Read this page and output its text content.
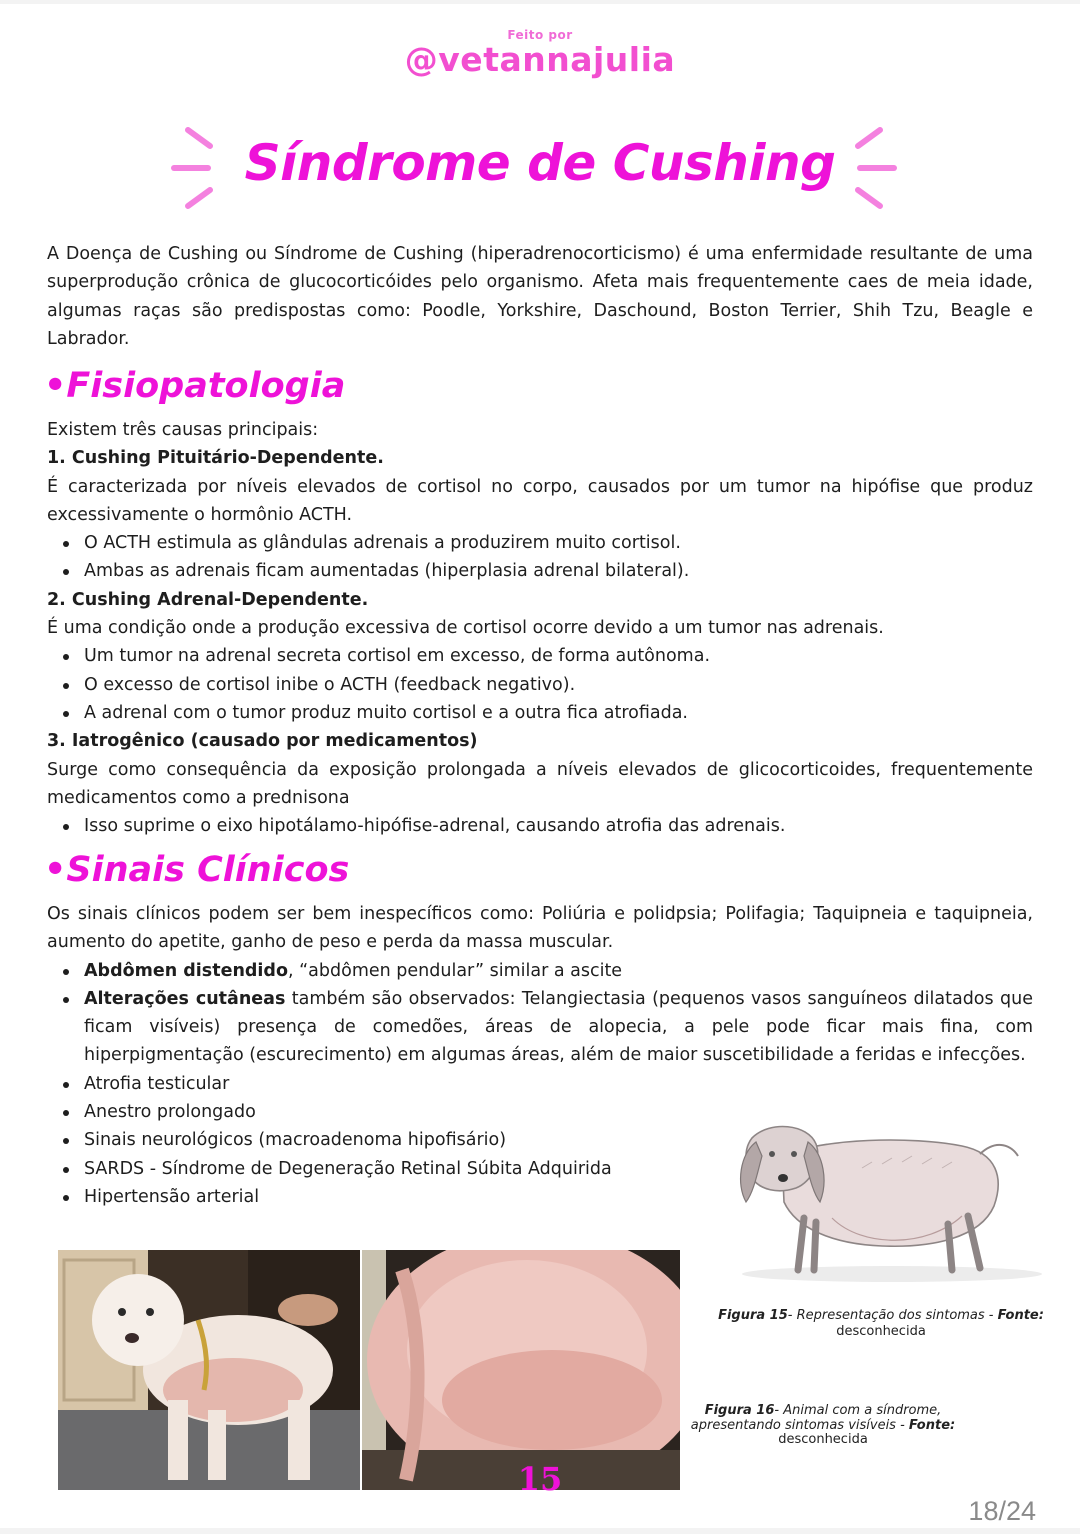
Feito por
@vetannajulia
Síndrome de Cushing

A Doença de Cushing ou Síndrome de Cushing (hiperadrenocorticismo) é uma enfermidade resultante de uma superprodução crônica de glucocorticóides pelo organismo. Afeta mais frequentemente caes de meia idade, algumas raças são predispostas como: Poodle, Yorkshire, Daschound, Boston Terrier, Shih Tzu, Beagle e Labrador.

•Fisiopatologia

Existem três causas principais:

1. Cushing Pituitário-Dependente.

É caracterizada por níveis elevados de cortisol no corpo, causados por um tumor na hipófise que produz excessivamente o hormônio ACTH.

O ACTH estimula as glândulas adrenais a produzirem muito cortisol.
Ambas as adrenais ficam aumentadas (hiperplasia adrenal bilateral).

2. Cushing Adrenal-Dependente.

É uma condição onde a produção excessiva de cortisol ocorre devido a um tumor nas adrenais.

Um tumor na adrenal secreta cortisol em excesso, de forma autônoma.
O excesso de cortisol inibe o ACTH (feedback negativo).
A adrenal com o tumor produz muito cortisol e a outra fica atrofiada.

3. Iatrogênico (causado por medicamentos)

Surge como consequência da exposição prolongada a níveis elevados de glicocorticoides, frequentemente medicamentos como a prednisona

Isso suprime o eixo hipotálamo-hipófise-adrenal, causando atrofia das adrenais.
•Sinais Clínicos

Os sinais clínicos podem ser bem inespecíficos como: Poliúria e polidpsia; Polifagia; Taquipneia e taquipneia, aumento do apetite, ganho de peso e perda da massa muscular.

Abdômen distendido, “abdômen pendular” similar a ascite
Alterações cutâneas também são observados: Telangiectasia (pequenos vasos sanguíneos dilatados que ficam visíveis) presença de comedões, áreas de alopecia, a pele pode ficar mais fina, com hiperpigmentação (escurecimento) em algumas áreas, além de maior suscetibilidade a feridas e infecções.
Atrofia testicular
Anestro prolongado
Sinais neurológicos (macroadenoma hipofisário)
SARDS - Síndrome de Degeneração Retinal Súbita Adquirida
Hipertensão arterial
Figura 15- Representação dos sintomas - Fonte: desconhecida
Figura 16- Animal com a síndrome, apresentando sintomas visíveis - Fonte: desconhecida
15
18/24
